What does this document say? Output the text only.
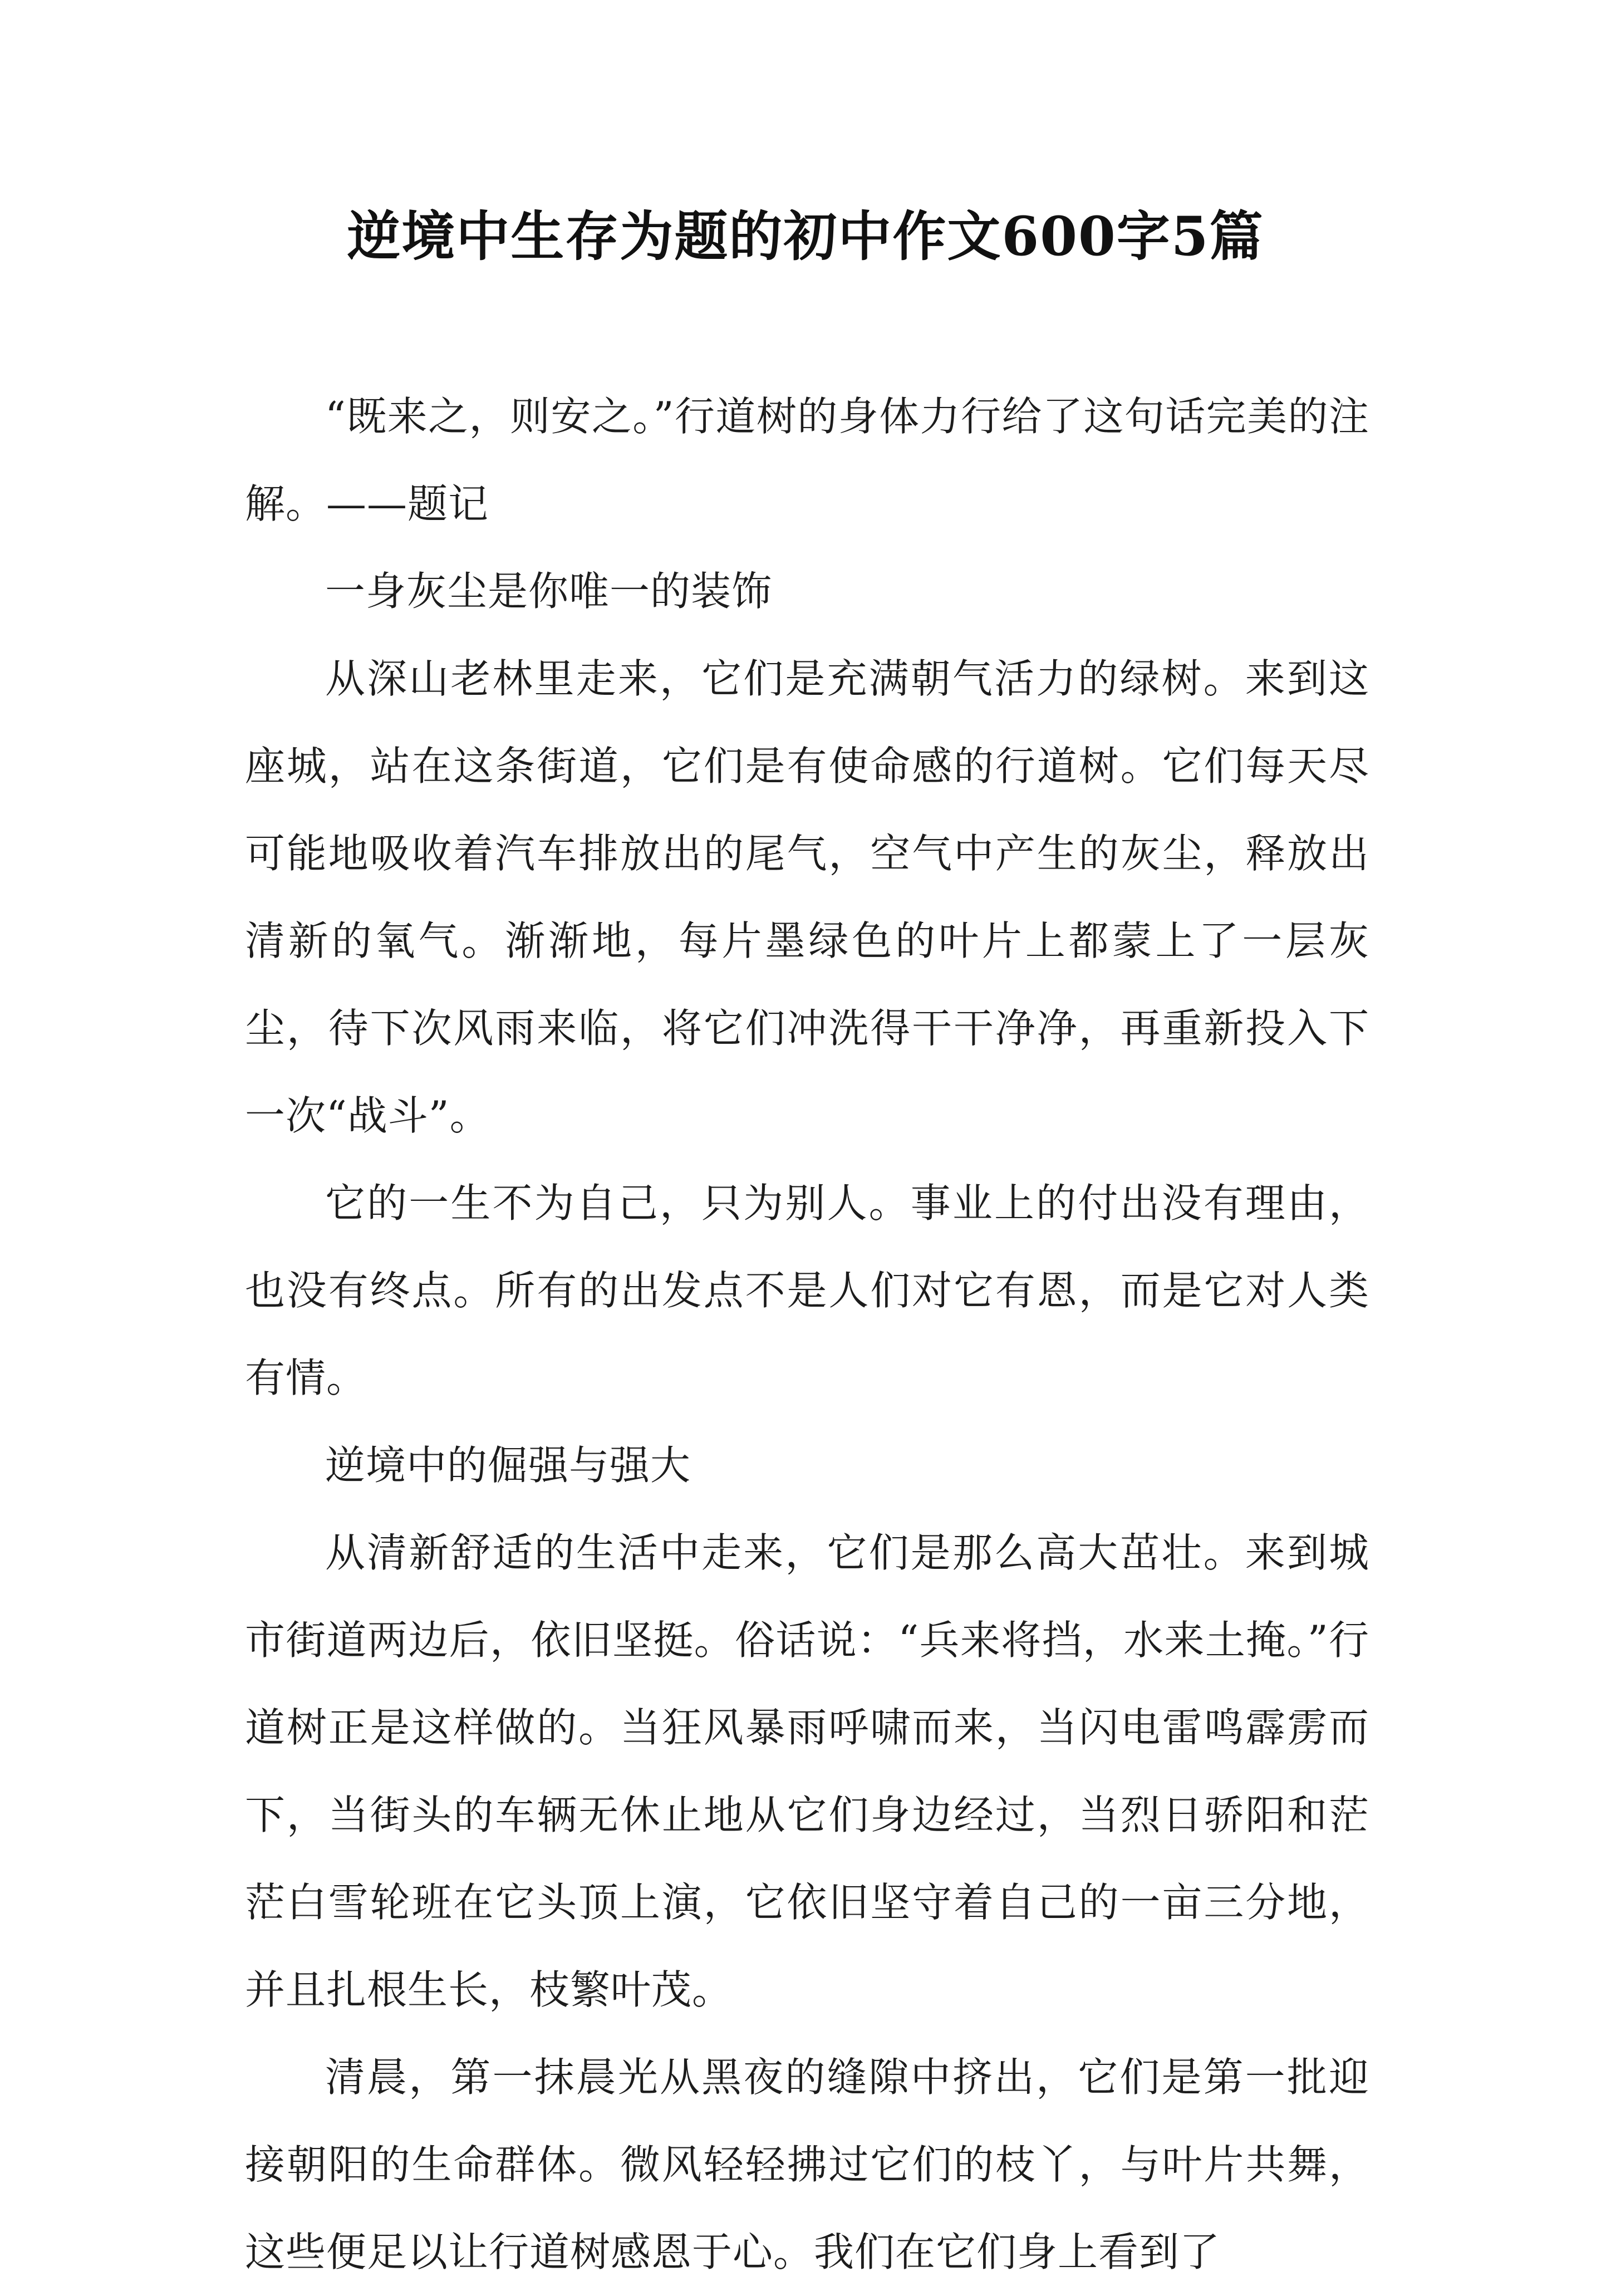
逆境中生存为题的初中作文600字5篇

“既来之，则安之。”行道树的身体力行给了这句话完美的注解。——题记

一身灰尘是你唯一的装饰

从深山老林里走来，它们是充满朝气活力的绿树。来到这座城，站在这条街道，它们是有使命感的行道树。它们每天尽可能地吸收着汽车排放出的尾气，空气中产生的灰尘，释放出清新的氧气。渐渐地，每片墨绿色的叶片上都蒙上了一层灰尘，待下次风雨来临，将它们冲洗得干干净净，再重新投入下一次“战斗”。

它的一生不为自己，只为别人。事业上的付出没有理由，也没有终点。所有的出发点不是人们对它有恩，而是它对人类有情。

逆境中的倔强与强大

从清新舒适的生活中走来，它们是那么高大茁壮。来到城市街道两边后，依旧坚挺。俗话说：“兵来将挡，水来土掩。”行道树正是这样做的。当狂风暴雨呼啸而来，当闪电雷鸣霹雳而下，当街头的车辆无休止地从它们身边经过，当烈日骄阳和茫茫白雪轮班在它头顶上演，它依旧坚守着自己的一亩三分地，并且扎根生长，枝繁叶茂。

清晨，第一抹晨光从黑夜的缝隙中挤出，它们是第一批迎接朝阳的生命群体。微风轻轻拂过它们的枝丫，与叶片共舞，这些便足以让行道树感恩于心。我们在它们身上看到了
